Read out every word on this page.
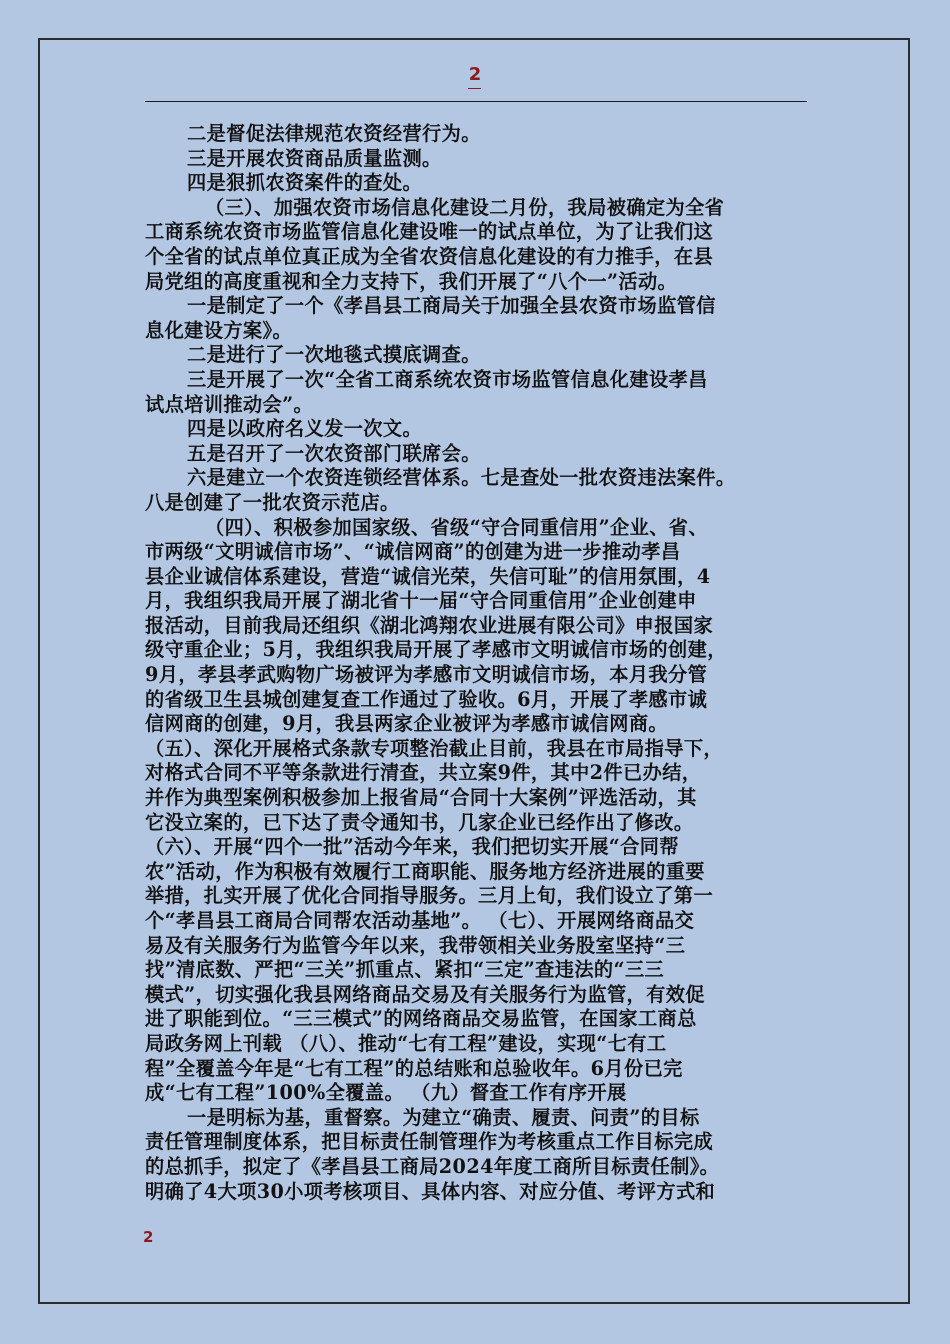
2

二是督促法律规范农资经营行为。

三是开展农资商品质量监测。

四是狠抓农资案件的查处。

（三）、加强农资市场信息化建设二月份，我局被确定为全省

工商系统农资市场监管信息化建设唯一的试点单位，为了让我们这

个全省的试点单位真正成为全省农资信息化建设的有力推手，在县

局党组的高度重视和全力支持下，我们开展了“八个一”活动。

一是制定了一个《孝昌县工商局关于加强全县农资市场监管信

息化建设方案》。

二是进行了一次地毯式摸底调查。

三是开展了一次“全省工商系统农资市场监管信息化建设孝昌

试点培训推动会”。

四是以政府名义发一次文。

五是召开了一次农资部门联席会。

六是建立一个农资连锁经营体系。七是查处一批农资违法案件。

八是创建了一批农资示范店。

（四）、积极参加国家级、省级“守合同重信用”企业、省、

市两级“文明诚信市场”、“诚信网商”的创建为进一步推动孝昌

县企业诚信体系建设，营造“诚信光荣，失信可耻”的信用氛围，4

月，我组织我局开展了湖北省十一届“守合同重信用”企业创建申

报活动，目前我局还组织《湖北鸿翔农业进展有限公司》申报国家

级守重企业；5月，我组织我局开展了孝感市文明诚信市场的创建，

9月，孝县孝武购物广场被评为孝感市文明诚信市场，本月我分管

的省级卫生县城创建复查工作通过了验收。6月，开展了孝感市诚

信网商的创建，9月，我县两家企业被评为孝感市诚信网商。

（五）、深化开展格式条款专项整治截止目前，我县在市局指导下，

对格式合同不平等条款进行清查，共立案9件，其中2件已办结，

并作为典型案例积极参加上报省局“合同十大案例”评选活动，其

它没立案的，已下达了责令通知书，几家企业已经作出了修改。

（六）、开展“四个一批”活动今年来，我们把切实开展“合同帮

农”活动，作为积极有效履行工商职能、服务地方经济进展的重要

举措，扎实开展了优化合同指导服务。三月上旬，我们设立了第一

个“孝昌县工商局合同帮农活动基地”。 （七）、开展网络商品交

易及有关服务行为监管今年以来，我带领相关业务股室坚持“三

找”清底数、严把“三关”抓重点、紧扣“三定”查违法的“三三

模式”，切实强化我县网络商品交易及有关服务行为监管，有效促

进了职能到位。“三三模式”的网络商品交易监管，在国家工商总

局政务网上刊载 （八）、推动“七有工程”建设，实现“七有工

程”全覆盖今年是“七有工程”的总结账和总验收年。6月份已完

成“七有工程”100%全覆盖。 （九）督查工作有序开展

一是明标为基，重督察。为建立“确责、履责、问责”的目标

责任管理制度体系，把目标责任制管理作为考核重点工作目标完成

的总抓手，拟定了《孝昌县工商局2024年度工商所目标责任制》。

明确了4大项30小项考核项目、具体内容、对应分值、考评方式和

2
